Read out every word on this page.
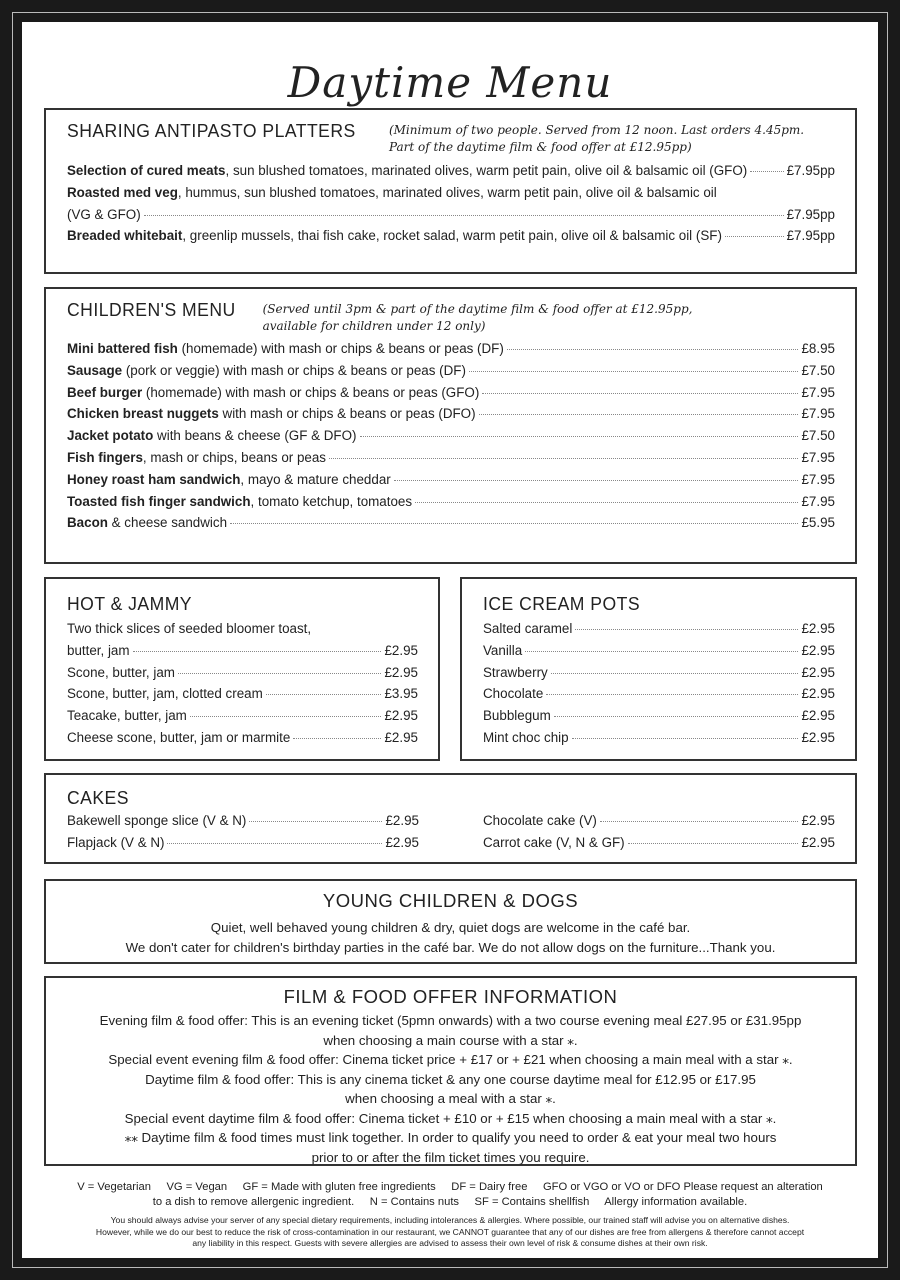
Daytime Menu
SHARING ANTIPASTO PLATTERS	(Minimum of two people. Served from 12 noon. Last orders 4.45pm.
Part of the daytime film & food offer at £12.95pp)
Selection of cured meats, sun blushed tomatoes, marinated olives, warm petit pain, olive oil & balsamic oil (GFO)	£7.95pp
Roasted med veg, hummus, sun blushed tomatoes, marinated olives, warm petit pain, olive oil & balsamic oil
(VG & GFO)	£7.95pp
Breaded whitebait, greenlip mussels, thai fish cake, rocket salad, warm petit pain, olive oil & balsamic oil (SF)	£7.95pp
CHILDREN'S MENU (Served until 3pm & part of the daytime film & food offer at £12.95pp,
available for children under 12 only)
Mini battered fish (homemade) with mash or chips & beans or peas (DF)	£8.95
Sausage (pork or veggie) with mash or chips & beans or peas (DF)	£7.50
Beef burger (homemade) with mash or chips & beans or peas (GFO)	£7.95
Chicken breast nuggets with mash or chips & beans or peas (DFO)	£7.95
Jacket potato with beans & cheese (GF & DFO)	£7.50
Fish fingers, mash or chips, beans or peas	£7.95
Honey roast ham sandwich, mayo & mature cheddar	£7.95
Toasted fish finger sandwich, tomato ketchup, tomatoes	£7.95
Bacon & cheese sandwich	£5.95
HOT & JAMMY
Two thick slices of seeded bloomer toast,
butter, jam	£2.95
Scone, butter, jam	£2.95
Scone, butter, jam, clotted cream	£3.95
Teacake, butter, jam	£2.95
Cheese scone, butter, jam or marmite	£2.95
ICE CREAM POTS
Salted caramel	£2.95
Vanilla	£2.95
Strawberry	£2.95
Chocolate	£2.95
Bubblegum	£2.95
Mint choc chip	£2.95
CAKES
Bakewell sponge slice (V & N)	£2.95
Flapjack (V & N)	£2.95
Chocolate cake (V)	£2.95
Carrot cake (V, N & GF)	£2.95
YOUNG CHILDREN & DOGS
Quiet, well behaved young children & dry, quiet dogs are welcome in the café bar.
We don't cater for children's birthday parties in the café bar. We do not allow dogs on the furniture...Thank you.
FILM & FOOD OFFER INFORMATION
Evening film & food offer: This is an evening ticket (5pmn onwards) with a two course evening meal £27.95 or £31.95pp
when choosing a main course with a star ⁎.
Special event evening film & food offer: Cinema ticket price + £17 or + £21 when choosing a main meal with a star ⁎.
Daytime film & food offer: This is any cinema ticket & any one course daytime meal for £12.95 or £17.95
when choosing a meal with a star ⁎.
Special event daytime film & food offer: Cinema ticket + £10 or + £15 when choosing a main meal with a star ⁎.
⁎⁎ Daytime film & food times must link together. In order to qualify you need to order & eat your meal two hours
prior to or after the film ticket times you require.
V = Vegetarian     VG = Vegan     GF = Made with gluten free ingredients     DF = Dairy free     GFO or VGO or VO or DFO Please request an alteration
to a dish to remove allergenic ingredient.     N = Contains nuts     SF = Contains shellfish     Allergy information available.
You should always advise your server of any special dietary requirements, including intolerances & allergies. Where possible, our trained staff will advise you on alternative dishes.
However, while we do our best to reduce the risk of cross-contamination in our restaurant, we CANNOT guarantee that any of our dishes are free from allergens & therefore cannot accept
any liability in this respect. Guests with severe allergies are advised to assess their own level of risk & consume dishes at their own risk.
